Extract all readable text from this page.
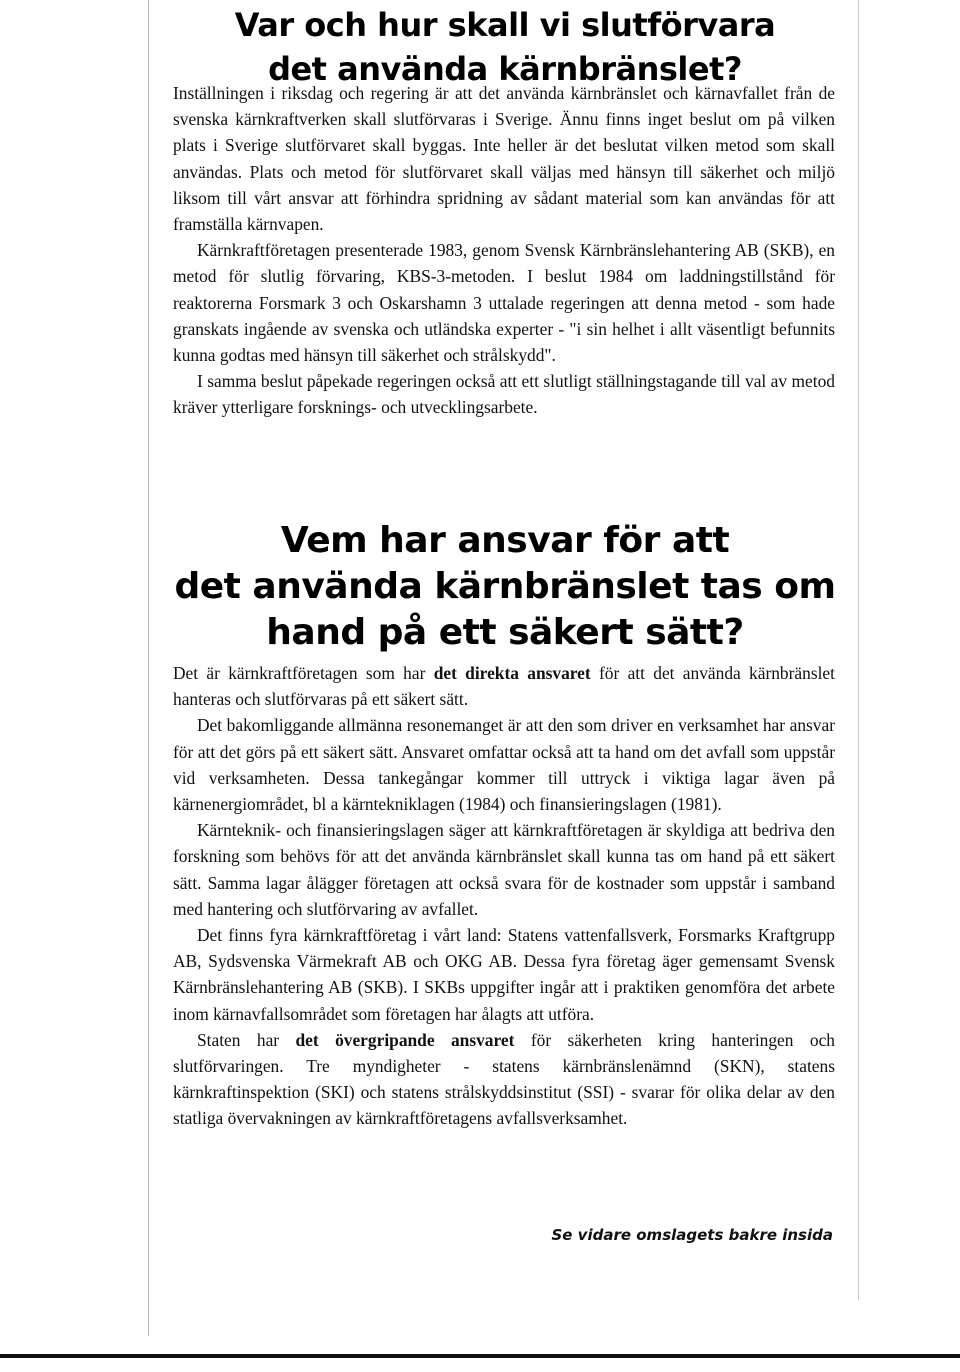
Var och hur skall vi slutförvara
det använda kärnbränslet?

Inställningen i riksdag och regering är att det använda kärnbränslet och kärnavfallet från de svenska kärnkraftverken skall slutförvaras i Sverige. Ännu finns inget beslut om på vilken plats i Sverige slutförvaret skall byggas. Inte heller är det beslutat vilken metod som skall användas. Plats och metod för slutförvaret skall väljas med hänsyn till säkerhet och miljö liksom till vårt ansvar att förhindra spridning av sådant material som kan användas för att framställa kärnvapen.

Kärnkraftföretagen presenterade 1983, genom Svensk Kärnbränslehantering AB (SKB), en metod för slutlig förvaring, KBS-3-metoden. I beslut 1984 om laddningstillstånd för reaktorerna Forsmark 3 och Oskarshamn 3 uttalade regeringen att denna metod - som hade granskats ingående av svenska och utländska experter - "i sin helhet i allt väsentligt befunnits kunna godtas med hänsyn till säkerhet och strålskydd".

I samma beslut påpekade regeringen också att ett slutligt ställningstagande till val av metod kräver ytterligare forsknings- och utvecklingsarbete.

Vem har ansvar för att
det använda kärnbränslet tas om
hand på ett säkert sätt?

Det är kärnkraftföretagen som har det direkta ansvaret för att det använda kärnbränslet hanteras och slutförvaras på ett säkert sätt.

Det bakomliggande allmänna resonemanget är att den som driver en verksamhet har ansvar för att det görs på ett säkert sätt. Ansvaret omfattar också att ta hand om det avfall som uppstår vid verksamheten. Dessa tankegångar kommer till uttryck i viktiga lagar även på kärnenergiområdet, bl a kärntekniklagen (1984) och finansieringslagen (1981).

Kärnteknik- och finansieringslagen säger att kärnkraftföretagen är skyldiga att bedriva den forskning som behövs för att det använda kärnbränslet skall kunna tas om hand på ett säkert sätt. Samma lagar ålägger företagen att också svara för de kostnader som uppstår i samband med hantering och slutförvaring av avfallet.

Det finns fyra kärnkraftföretag i vårt land: Statens vattenfallsverk, Forsmarks Kraftgrupp AB, Sydsvenska Värmekraft AB och OKG AB. Dessa fyra företag äger gemensamt Svensk Kärnbränslehantering AB (SKB). I SKBs uppgifter ingår att i praktiken genomföra det arbete inom kärnavfallsområdet som företagen har ålagts att utföra.

Staten har det övergripande ansvaret för säkerheten kring hanteringen och slutförvaringen. Tre myndigheter - statens kärnbränslenämnd (SKN), statens kärnkraftinspektion (SKI) och statens strålskyddsinstitut (SSI) - svarar för olika delar av den statliga övervakningen av kärnkraftföretagens avfallsverksamhet.

Se vidare omslagets bakre insida
